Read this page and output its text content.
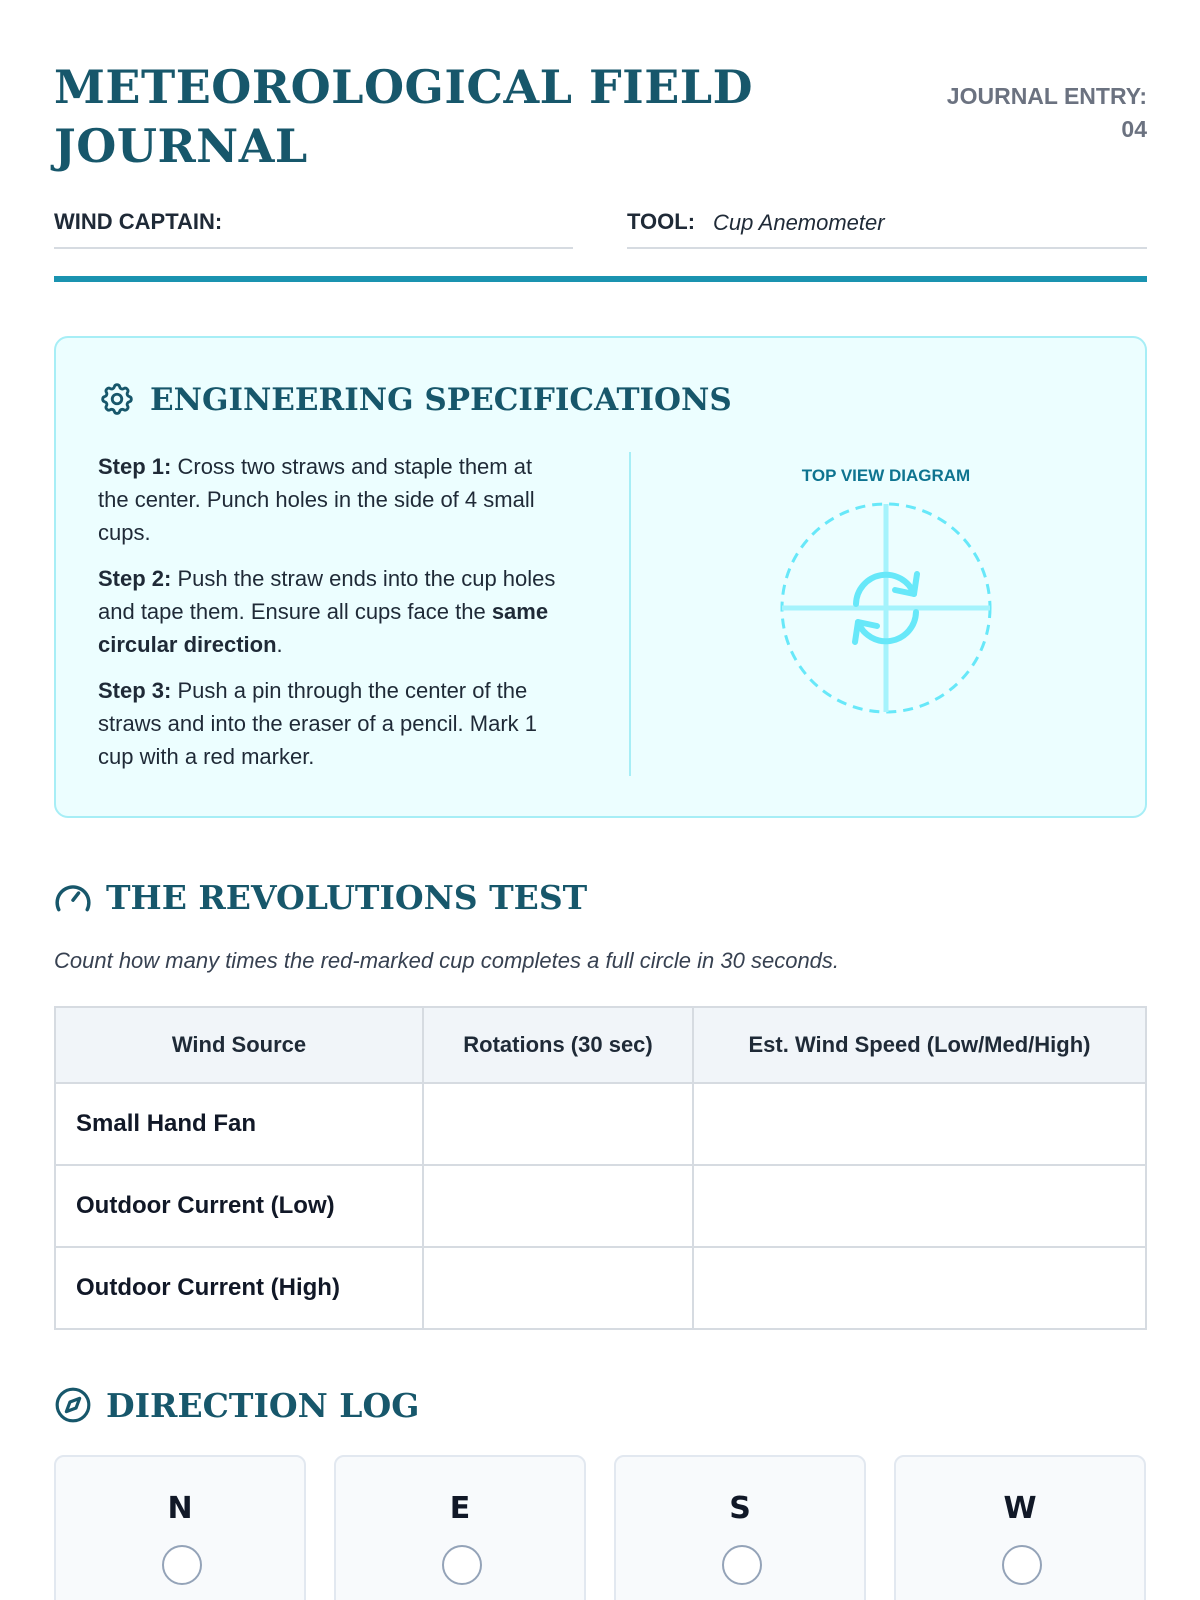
METEOROLOGICAL FIELD
JOURNAL
JOURNAL ENTRY:
04
WIND CAPTAIN:	TOOL: Cup Anemometer
ENGINEERING SPECIFICATIONS

Step 1: Cross two straws and staple them at the center. Punch holes in the side of 4 small cups.

Step 2: Push the straw ends into the cup holes and tape them. Ensure all cups face the same circular direction.

Step 3: Push a pin through the center of the straws and into the eraser of a pencil. Mark 1 cup with a red marker.

TOP VIEW DIAGRAM
THE REVOLUTIONS TEST

Count how many times the red-marked cup completes a full circle in 30 seconds.

Wind Source	Rotations (30 sec)	Est. Wind Speed (Low/Med/High)
Small Hand Fan		
Outdoor Current (Low)		
Outdoor Current (High)		
DIRECTION LOG
N	E	S	W
